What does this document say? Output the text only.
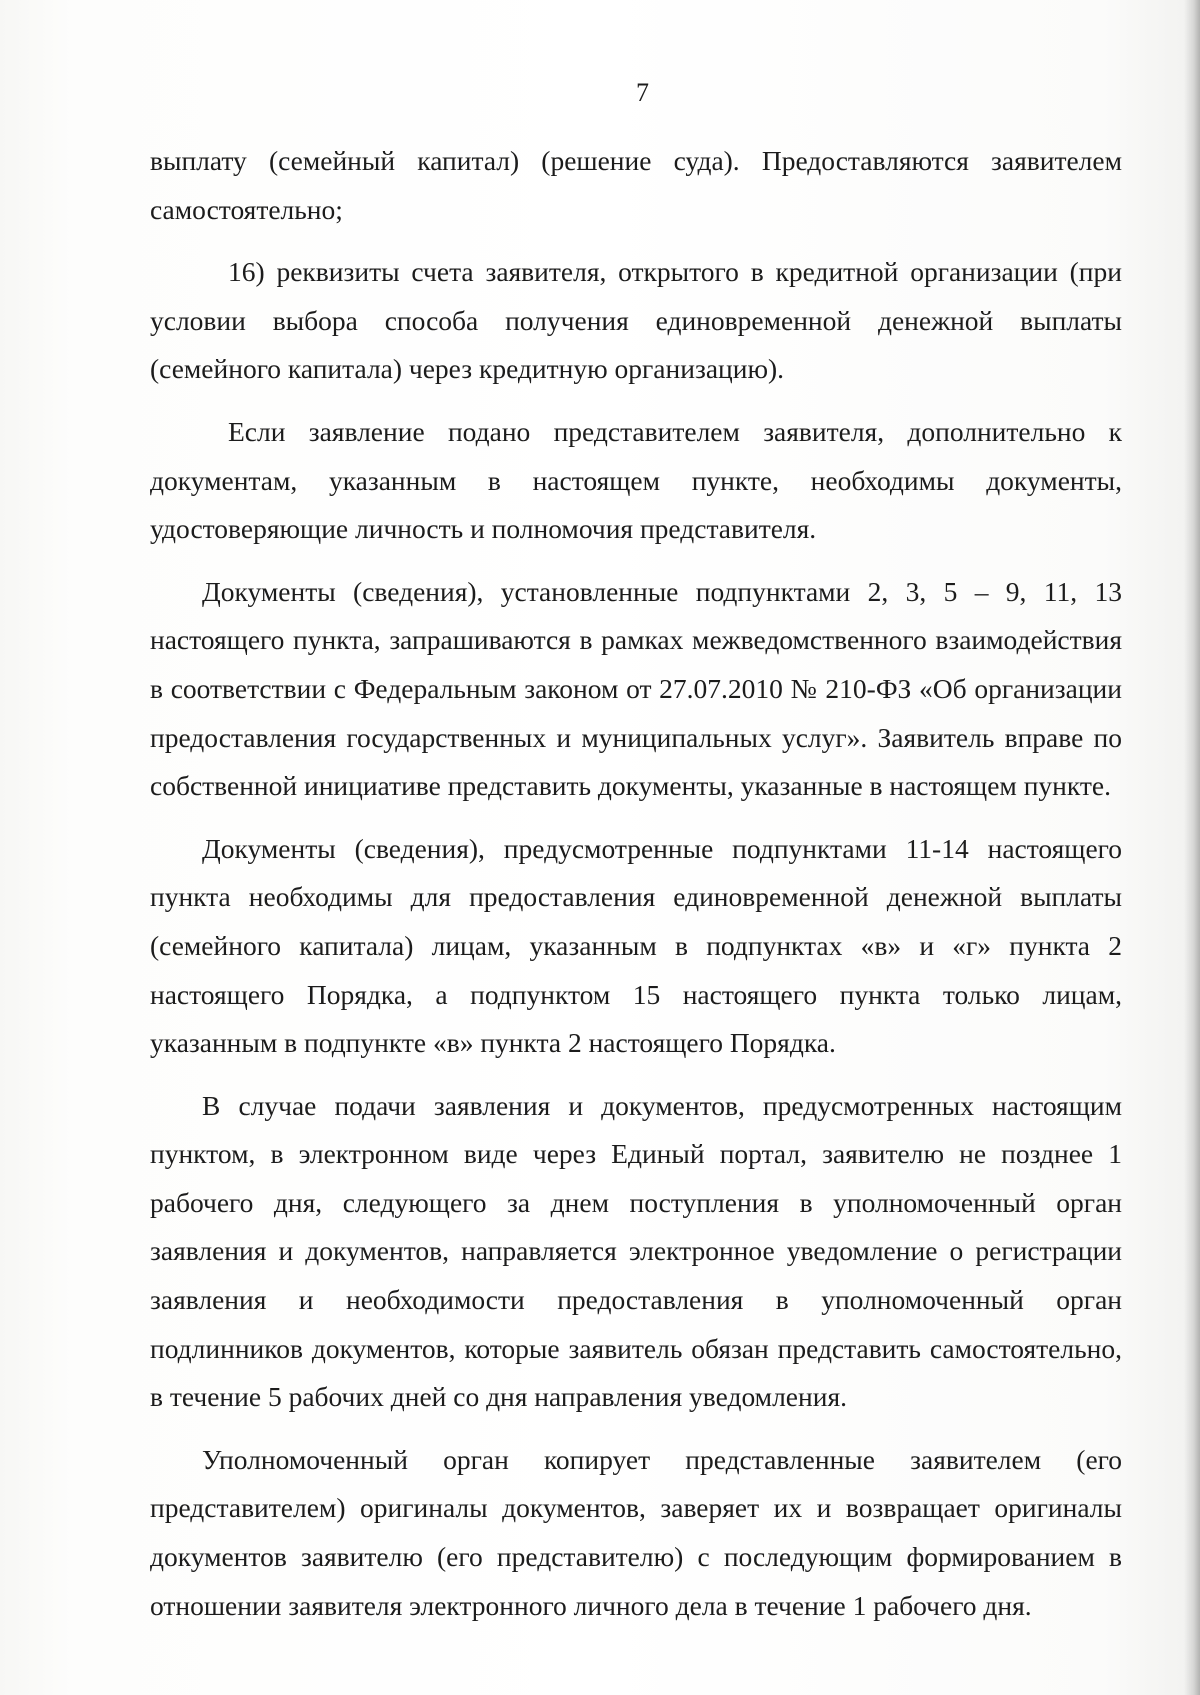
7

выплату (семейный капитал) (решение суда). Предоставляются заявителем самостоятельно;

16) реквизиты счета заявителя, открытого в кредитной организации (при условии выбора способа получения единовременной денежной выплаты (семейного капитала) через кредитную организацию).

Если заявление подано представителем заявителя, дополнительно к документам, указанным в настоящем пункте, необходимы документы, удостоверяющие личность и полномочия представителя.

Документы (сведения), установленные подпунктами 2, 3, 5 – 9, 11, 13 настоящего пункта, запрашиваются в рамках межведомственного взаимодействия в соответствии с Федеральным законом от 27.07.2010 № 210-ФЗ «Об организации предоставления государственных и муниципальных услуг». Заявитель вправе по собственной инициативе представить документы, указанные в настоящем пункте.

Документы (сведения), предусмотренные подпунктами 11-14 настоящего пункта необходимы для предоставления единовременной денежной выплаты (семейного капитала) лицам, указанным в подпунктах «в» и «г» пункта 2 настоящего Порядка, а подпунктом 15 настоящего пункта только лицам, указанным в подпункте «в» пункта 2 настоящего Порядка.

В случае подачи заявления и документов, предусмотренных настоящим пунктом, в электронном виде через Единый портал, заявителю не позднее 1 рабочего дня, следующего за днем поступления в уполномоченный орган заявления и документов, направляется электронное уведомление о регистрации заявления и необходимости предоставления в уполномоченный орган подлинников документов, которые заявитель обязан представить самостоятельно, в течение 5 рабочих дней со дня направления уведомления.

Уполномоченный орган копирует представленные заявителем (его представителем) оригиналы документов, заверяет их и возвращает оригиналы документов заявителю (его представителю) с последующим формированием в отношении заявителя электронного личного дела в течение 1 рабочего дня.
